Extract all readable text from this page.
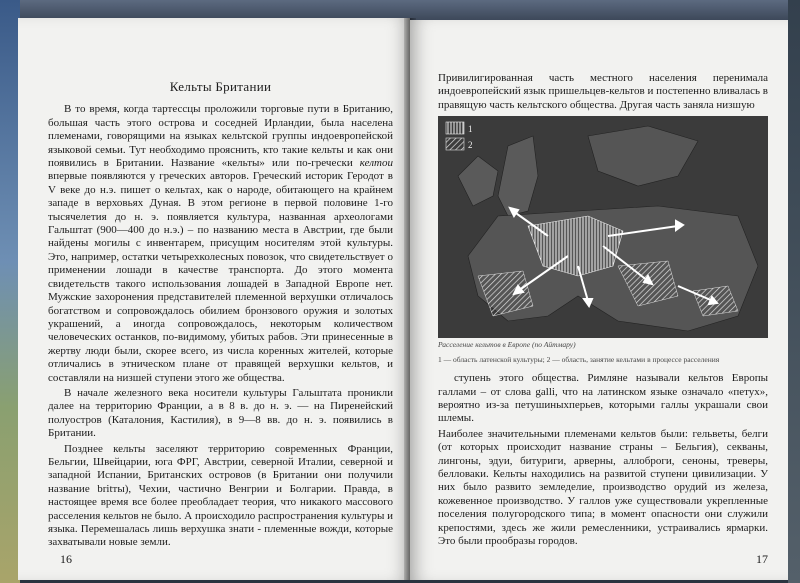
Кельты Британии

В то время, когда тартессцы проложили торговые пути в Британию, большая часть этого острова и соседней Ирландии, была населена племенами, говорящими на языках кельтской группы индоевропейской языковой семьи. Тут необходимо прояснить, кто такие кельты и как они появились в Британии. Название «кельты» или по-гречески келтои впервые появляются у греческих авторов. Греческий историк Геродот в V веке до н.э. пишет о кельтах, как о народе, обитающего на крайнем западе в верховьях Дуная. В этом регионе в первой половине 1-го тысячелетия до н. э. появляется культура, названная археологами Гальштат (900—400 до н.э.) – по названию места в Австрии, где были найдены могилы с инвентарем, присущим носителям этой культуры. Это, например, остатки четырехколесных повозок, что свидетельствует о применении лошади в качестве транспорта. До этого момента свидетельств такого использования лошадей в Западной Европе нет. Мужские захоронения представителей племенной верхушки отличалось богатством и сопровождалось обилием бронзового оружия и золотых украшений, а иногда сопровождалось, некоторым количеством человеческих останков, по-видимому, убитых рабов. Эти принесенные в жертву люди были, скорее всего, из числа коренных жителей, которые отличались в этническом плане от правящей верхушки кельтов, и составляли на низшей ступени этого же общества.

В начале железного века носители культуры Гальштата проникли далее на территорию Франции, а в 8 в. до н. э. — на Пиренейский полуостров (Каталония, Кастилия), в 9—8 вв. до н. э. появились в Британии.

Позднее кельты заселяют территорию современных Франции, Бельгии, Швейцарии, юга ФРГ, Австрии, северной Италии, северной и западной Испании, Британских островов (в Британии они получили название britты), Чехии, частично Венгрии и Болгарии. Правда, в настоящее время все более преобладает теория, что никакого массового расселения кельтов не было. А происходило распространения культуры и языка. Перемешалась лишь верхушка знати - племенные вожди, которые захватывали новые земли.

16

Привилигированная часть местного населения перенимала индоевропейский язык пришельцев-кельтов и постепенно вливалась в правящую часть кельтского общества. Другая часть заняла низшую

1
2
Расселение кельтов в Европе (по Айтмару)
1 — область латенской культуры; 2 — область, занятие кельтами в процессе расселения

ступень этого общества. Римляне называли кельтов Европы галлами – от слова galli, что на латинском языке означало «петух», вероятно из-за петушиныхперьев, которыми галлы украшали свои шлемы.

Наиболее значительными племенами кельтов были: гельветы, белги (от которых происходит название страны – Бельгия), секваны, лингоны, эдуи, битуриги, арверны, аллоброги, сеноны, треверы, белловаки. Кельты находились на развитой ступени цивилизации. У них было развито земледелие, производство орудий из железа, кожевенное производство. У галлов уже существовали укрепленные поселения полугородского типа; в момент опасности они служили крепостями, здесь же жили ремесленники, устраивались ярмарки. Это были прообразы городов.

17
